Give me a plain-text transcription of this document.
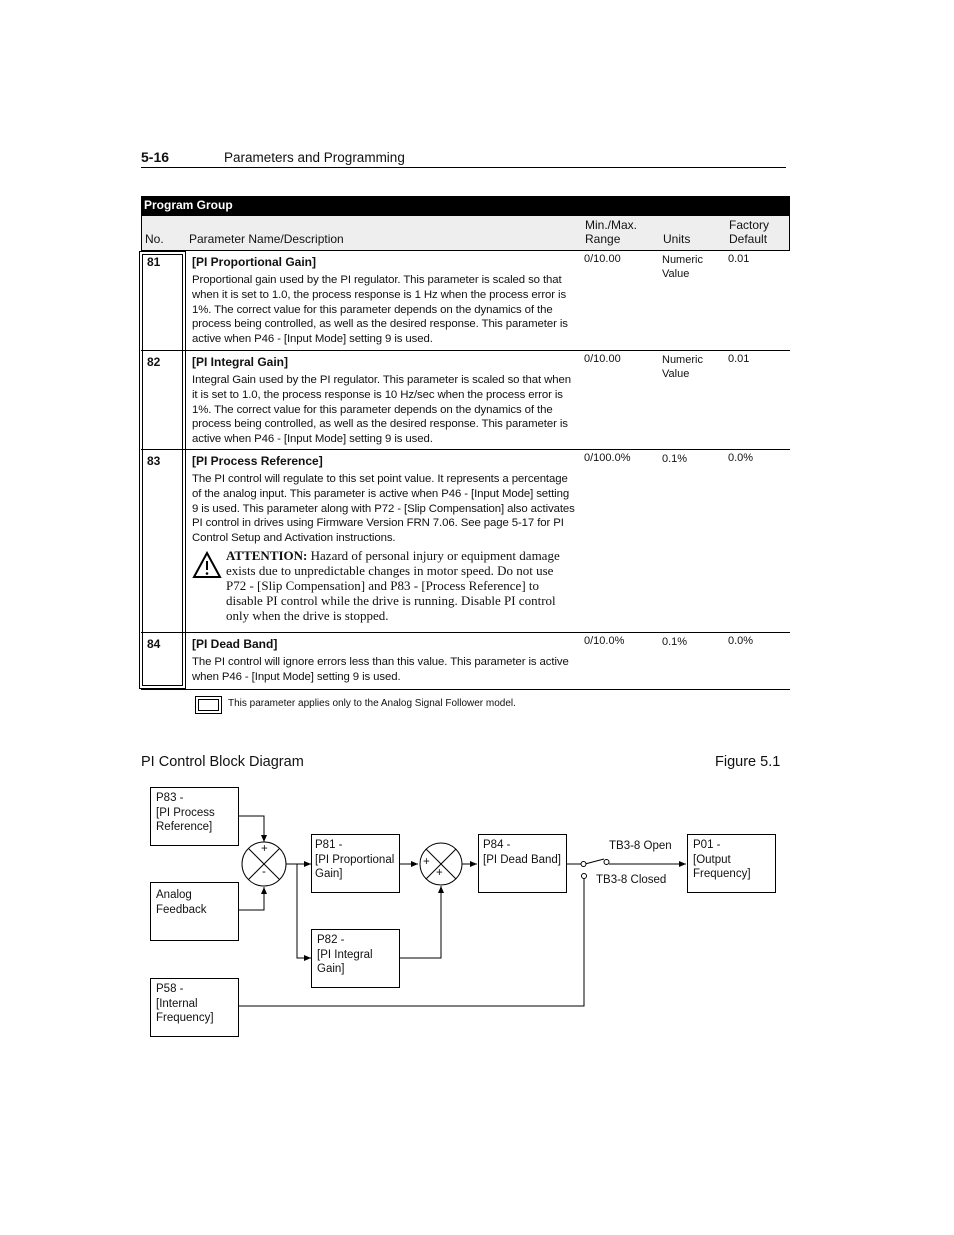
5-16	Parameters and Programming
Program Group
No. Parameter Name/Description
Min./Max.
Range	Units
Factory
Default
81	[PI Proportional Gain]
Proportional gain used by the PI regulator. This parameter is scaled so that when it is set to 1.0, the process response is 1 Hz when the process error is 1%. The correct value for this parameter depends on the dynamics of the process being controlled, as well as the desired response. This parameter is active when P46 - [Input Mode] setting 9 is used.
0/10.00	Numeric
Value
0.01
82	[PI Integral Gain]
Integral Gain used by the PI regulator. This parameter is scaled so that when it is set to 1.0, the process response is 10 Hz/sec when the process error is 1%. The correct value for this parameter depends on the dynamics of the process being controlled, as well as the desired response. This parameter is active when P46 - [Input Mode] setting 9 is used.
0/10.00	Numeric
Value
0.01
83	[PI Process Reference]
The PI control will regulate to this set point value. It represents a percentage of the analog input. This parameter is active when P46 - [Input Mode] setting 9 is used. This parameter along with P72 - [Slip Compensation] also activates PI control in drives using Firmware Version FRN 7.06. See page 5-17 for PI Control Setup and Activation instructions.
0/100.0%	0.1%	0.0%
84	[PI Dead Band]
The PI control will ignore errors less than this value. This parameter is active when P46 - [Input Mode] setting 9 is used.
0/10.0%	0.1%	0.0%
ATTENTION: Hazard of personal injury or equipment damage exists due to unpredictable changes in motor speed. Do not use P72 - [Slip Compensation] and P83 - [Process Reference] to disable PI control while the drive is running. Disable PI control only when the drive is stopped.
This parameter applies only to the Analog Signal Follower model.
PI Control Block Diagram	Figure 5.1
+
-
+
+
P83 -
[PI Process
Reference]
Analog
Feedback
P58 -
[Internal
Frequency]
P81 -
[PI Proportional
Gain]
P82 -
[PI Integral
Gain]
P84 -
[PI Dead Band]
P01 -
[Output
Frequency]
TB3-8 Open
TB3-8 Closed
